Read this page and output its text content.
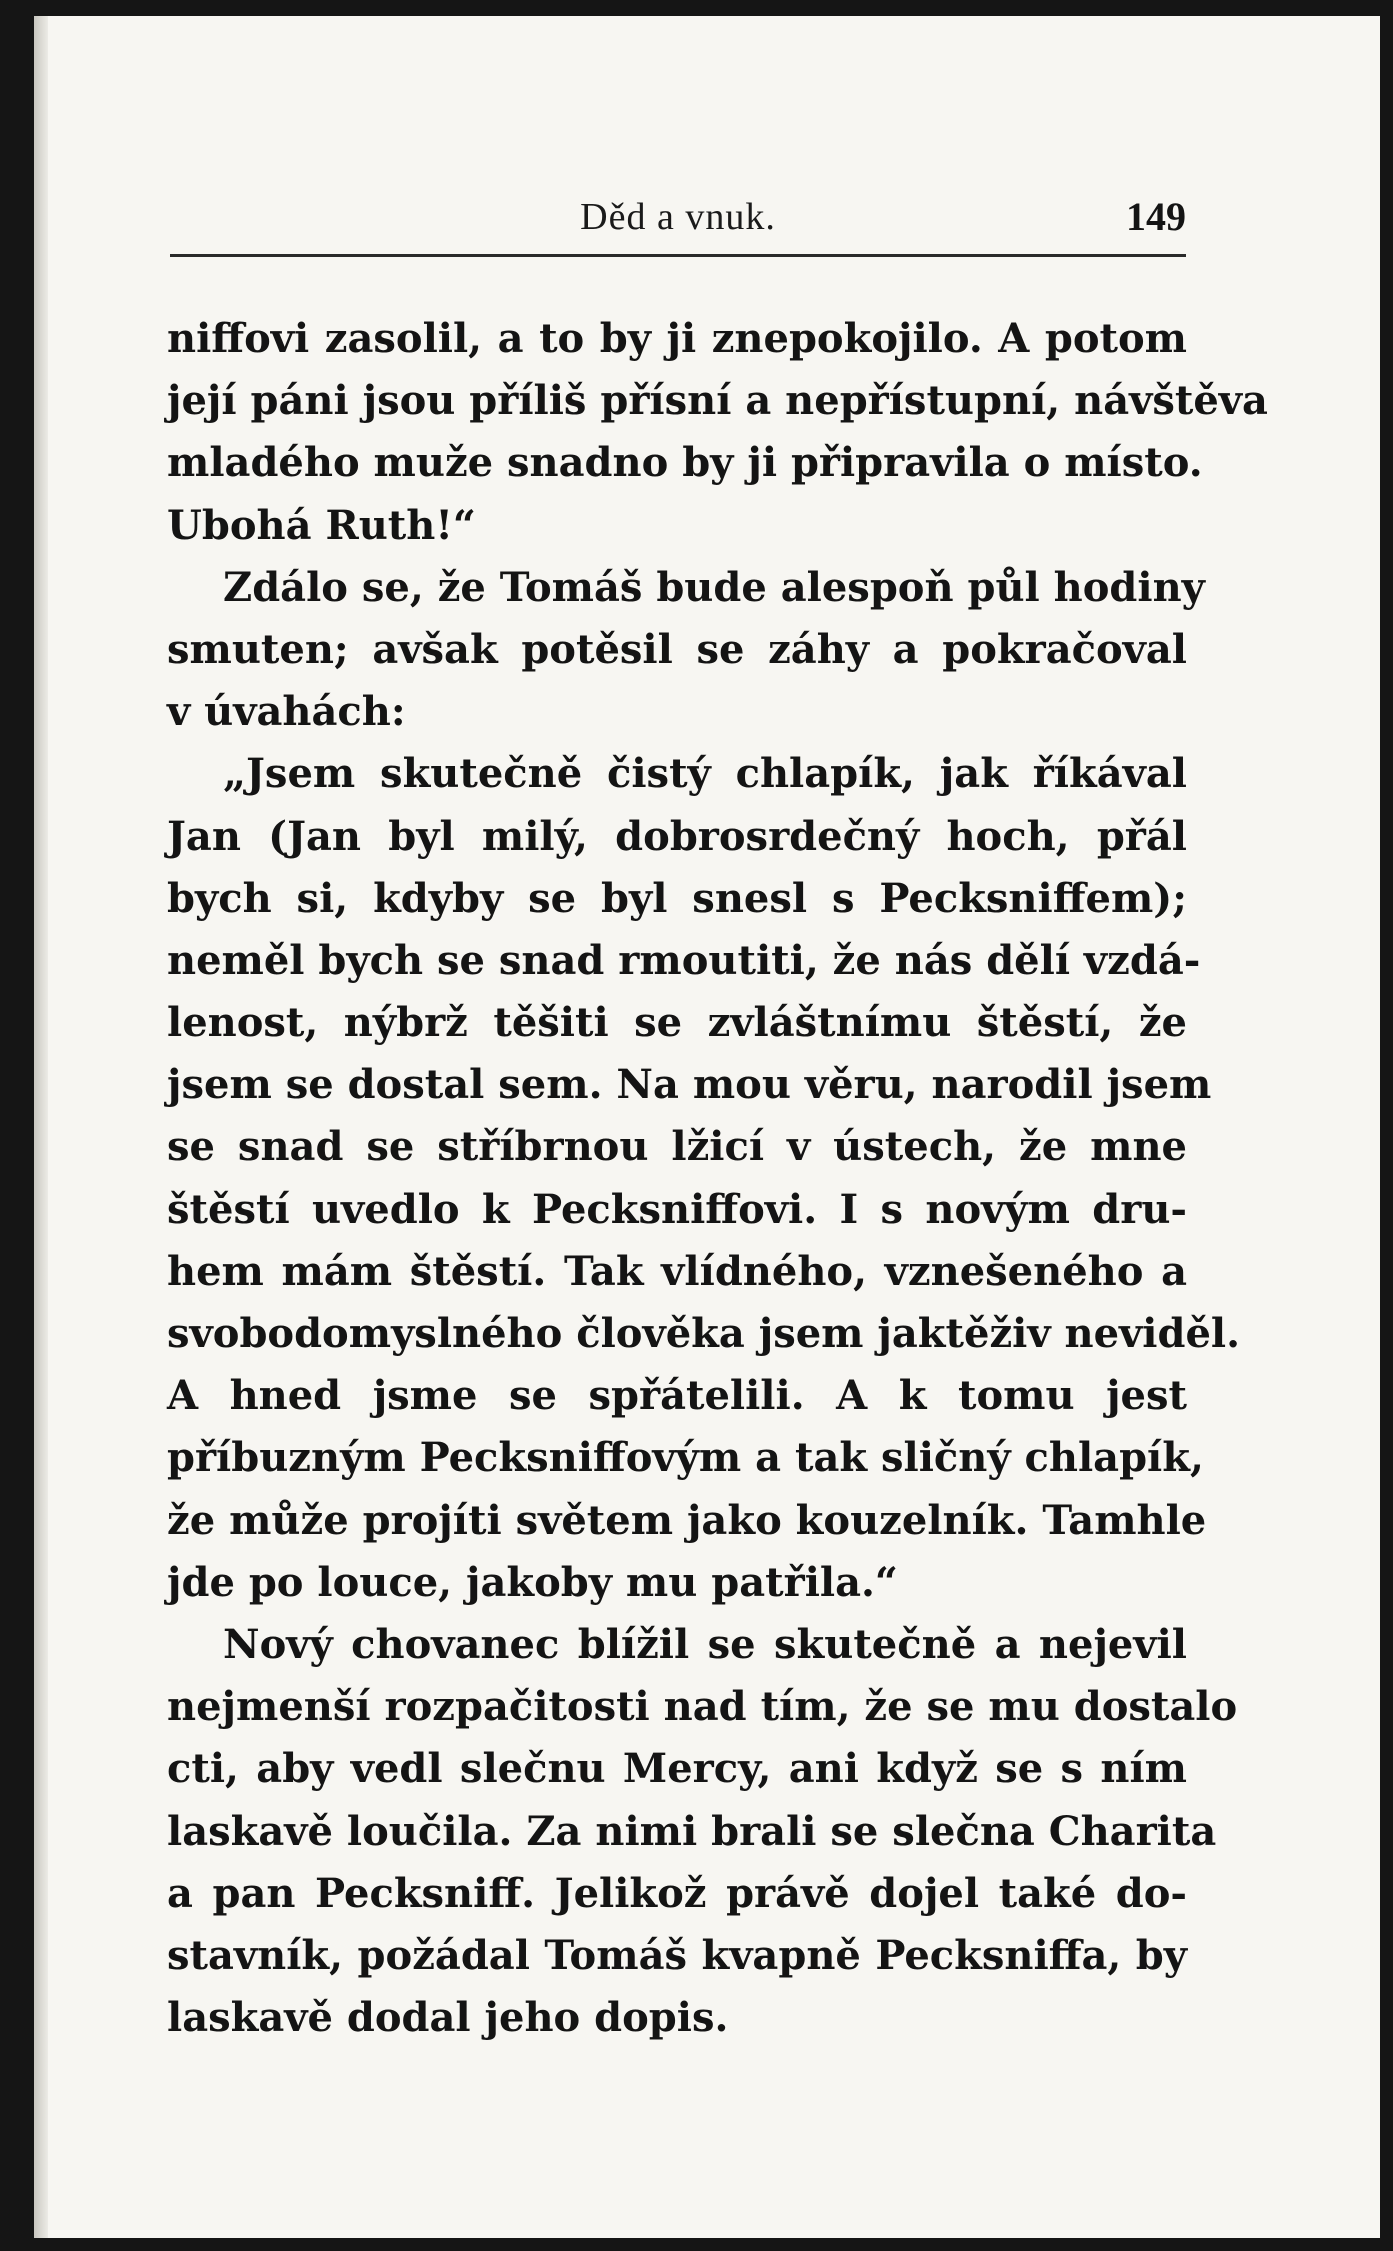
Děd a vnuk.	149
niffovi zasolil, a to by ji znepokojilo. A potom
její páni jsou příliš přísní a nepřístupní, návštěva
mladého muže snadno by ji připravila o místo.
Ubohá Ruth!“
Zdálo se, že Tomáš bude alespoň půl hodiny
smuten; avšak potěsil se záhy a pokračoval
v úvahách:
„Jsem skutečně čistý chlapík, jak říkával
Jan (Jan byl milý, dobrosrdečný hoch, přál
bych si, kdyby se byl snesl s Pecksniffem);
neměl bych se snad rmoutiti, že nás dělí vzdá-
lenost, nýbrž těšiti se zvláštnímu štěstí, že
jsem se dostal sem. Na mou věru, narodil jsem
se snad se stříbrnou lžicí v ústech, že mne
štěstí uvedlo k Pecksniffovi. I s novým dru-
hem mám štěstí. Tak vlídného, vznešeného a
svobodomyslného člověka jsem jaktěživ neviděl.
A hned jsme se spřátelili. A k tomu jest
příbuzným Pecksniffovým a tak sličný chlapík,
že může projíti světem jako kouzelník. Tamhle
jde po louce, jakoby mu patřila.“
Nový chovanec blížil se skutečně a nejevil
nejmenší rozpačitosti nad tím, že se mu dostalo
cti, aby vedl slečnu Mercy, ani když se s ním
laskavě loučila. Za nimi brali se slečna Charita
a pan Pecksniff. Jelikož právě dojel také do-
stavník, požádal Tomáš kvapně Pecksniffa, by
laskavě dodal jeho dopis.
